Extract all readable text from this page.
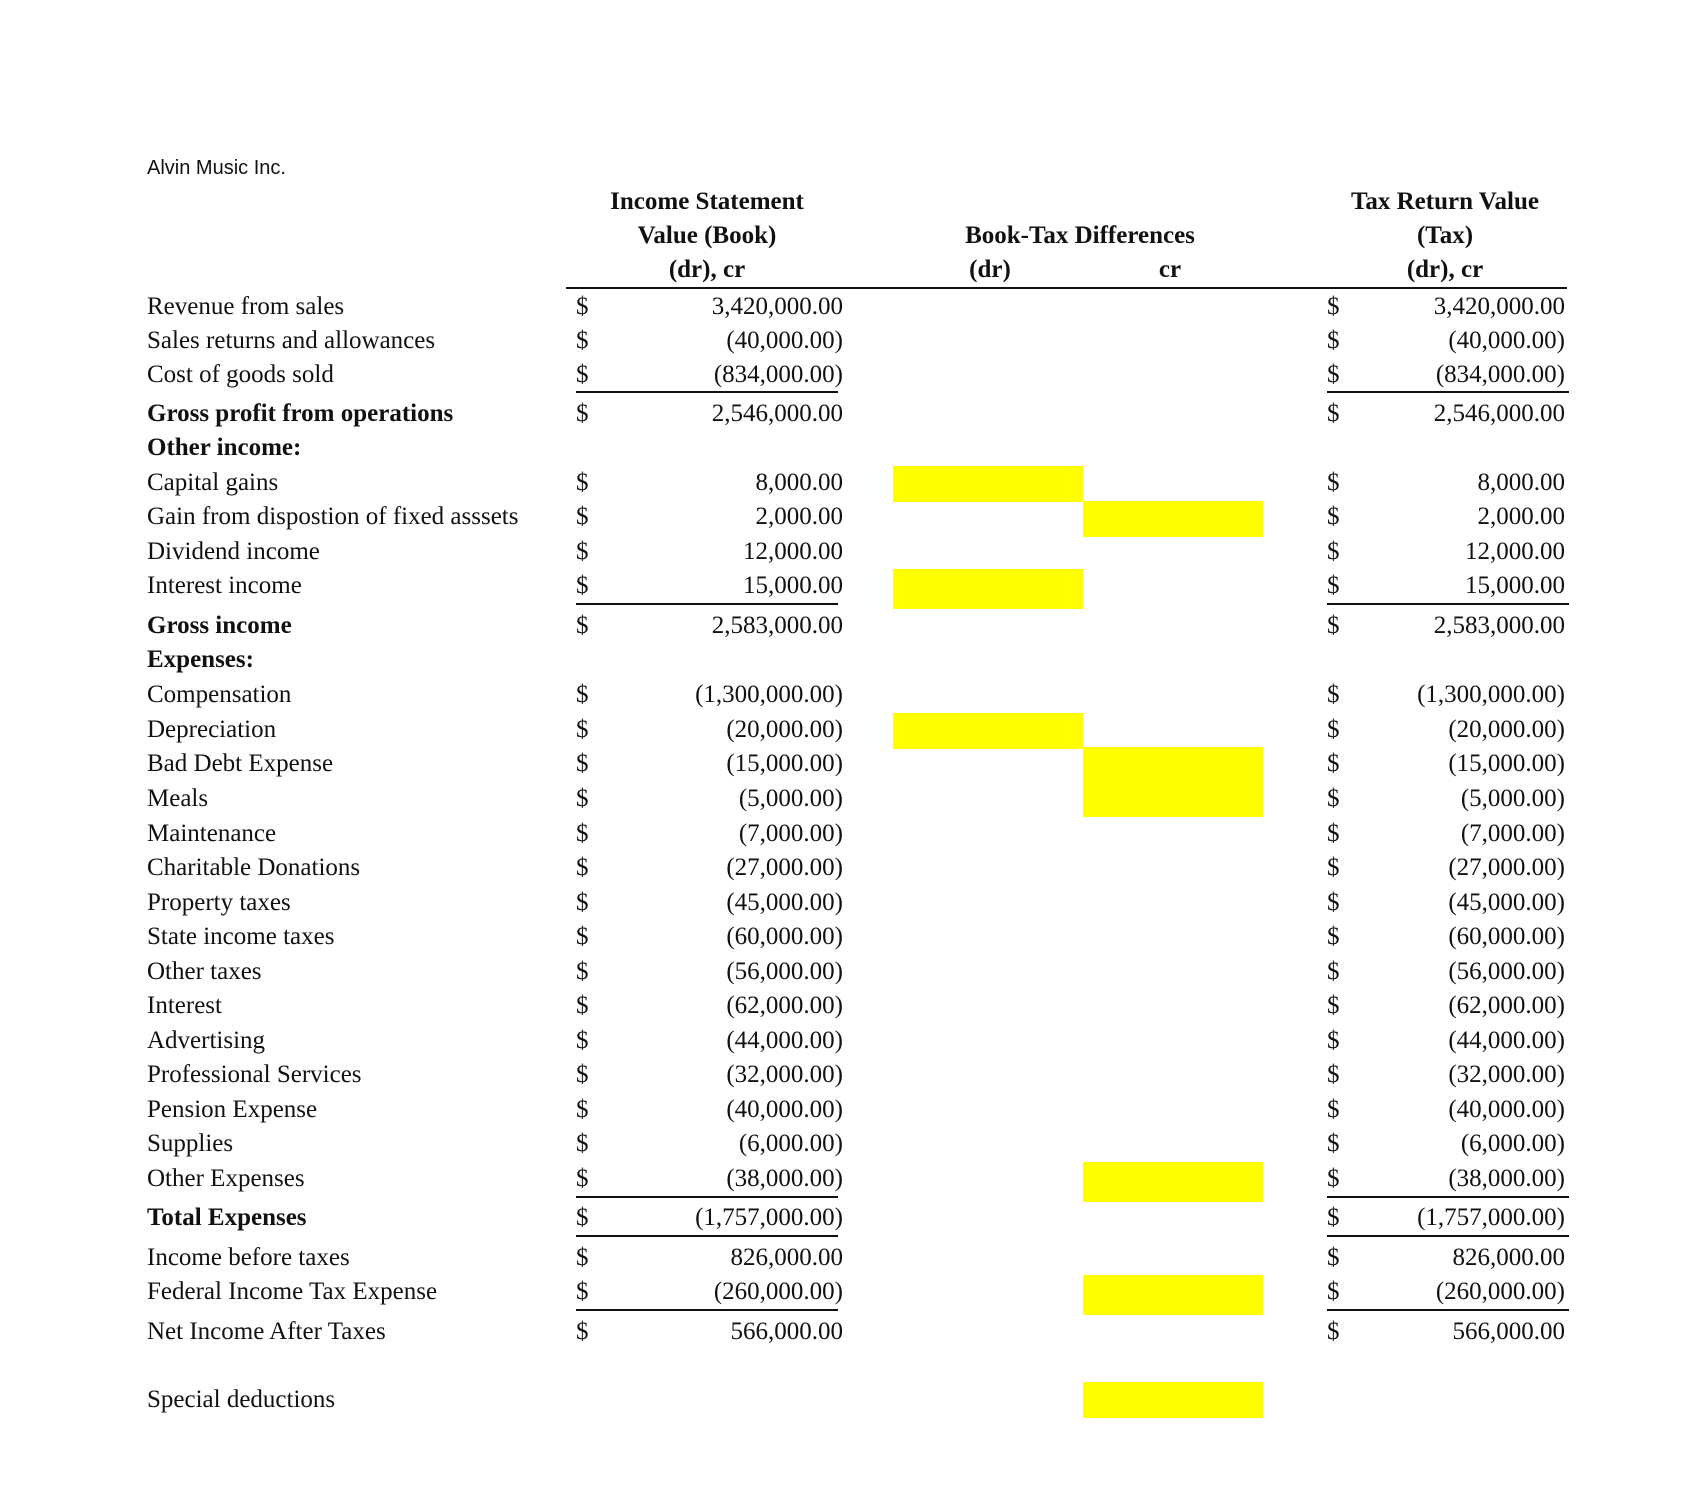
Alvin Music Inc.
Income Statement
Value (Book)
(dr), cr
Book-Tax Differences
(dr)	cr
Tax Return Value
(Tax)
(dr), cr
Revenue from sales	$	3,420,000.00	$	3,420,000.00
Sales returns and allowances	$	(40,000.00)	$	(40,000.00)
Cost of goods sold	$	(834,000.00)	$	(834,000.00)
Gross profit from operations	$	2,546,000.00	$	2,546,000.00
Other income:
Capital gains	$	8,000.00	$	8,000.00
Gain from dispostion of fixed asssets $	2,000.00	$	2,000.00
Dividend income	$	12,000.00	$	12,000.00
Interest income	$	15,000.00	$	15,000.00
Gross income	$	2,583,000.00	$	2,583,000.00
Expenses:
Compensation	$	(1,300,000.00)	$	(1,300,000.00)
Depreciation	$	(20,000.00)	$	(20,000.00)
Bad Debt Expense	$	(15,000.00)	$	(15,000.00)
Meals	$	(5,000.00)	$	(5,000.00)
Maintenance	$	(7,000.00)	$	(7,000.00)
Charitable Donations	$	(27,000.00)	$	(27,000.00)
Property taxes	$	(45,000.00)	$	(45,000.00)
State income taxes	$	(60,000.00)	$	(60,000.00)
Other taxes	$	(56,000.00)	$	(56,000.00)
Interest	$	(62,000.00)	$	(62,000.00)
Advertising	$	(44,000.00)	$	(44,000.00)
Professional Services	$	(32,000.00)	$	(32,000.00)
Pension Expense	$	(40,000.00)	$	(40,000.00)
Supplies	$	(6,000.00)	$	(6,000.00)
Other Expenses	$	(38,000.00)	$	(38,000.00)
Total Expenses	$	(1,757,000.00)	$	(1,757,000.00)
Income before taxes	$	826,000.00	$	826,000.00
Federal Income Tax Expense	$	(260,000.00)	$	(260,000.00)
Net Income After Taxes	$	566,000.00	$	566,000.00
Special deductions
